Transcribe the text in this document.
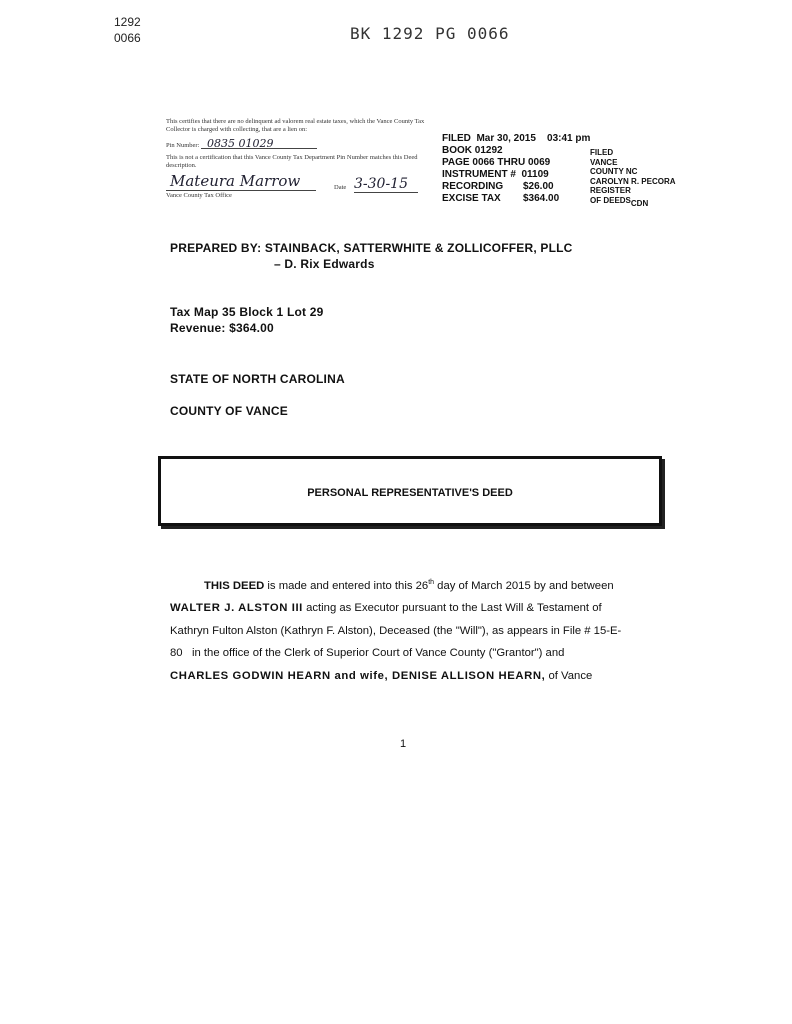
1292
0066	BK 1292 PG 0066
This certifies that there are no delinquent ad valorem real estate taxes, which the Vance County Tax Collector is charged with collecting, that are a lien on:
Pin Number: 0835 01029
This is not a certification that this Vance County Tax Department Pin Number matches this Deed description.
Mateura Marrow
Vance County Tax Office
Date 3-30-15
FILED  Mar 30, 2015    03:41 pm
BOOK 01292
PAGE 0066 THRU 0069
INSTRUMENT #  01109
RECORDING $26.00
EXCISE TAX $364.00
FILED
VANCE
COUNTY NC
CAROLYN R. PECORA
REGISTER
OF DEEDSCDN
PREPARED BY: STAINBACK, SATTERWHITE & ZOLLICOFFER, PLLC
– D. Rix Edwards
Tax Map 35 Block 1 Lot 29
Revenue: $364.00
STATE OF NORTH CAROLINA
COUNTY OF VANCE
PERSONAL REPRESENTATIVE'S DEED
THIS DEED is made and entered into this 26th day of March 2015 by and between
WALTER J. ALSTON III acting as Executor pursuant to the Last Will & Testament of
Kathryn Fulton Alston (Kathryn F. Alston), Deceased (the "Will"), as appears in File # 15-E-
80   in the office of the Clerk of Superior Court of Vance County ("Grantor") and
CHARLES GODWIN HEARN and wife, DENISE ALLISON HEARN, of Vance
1
